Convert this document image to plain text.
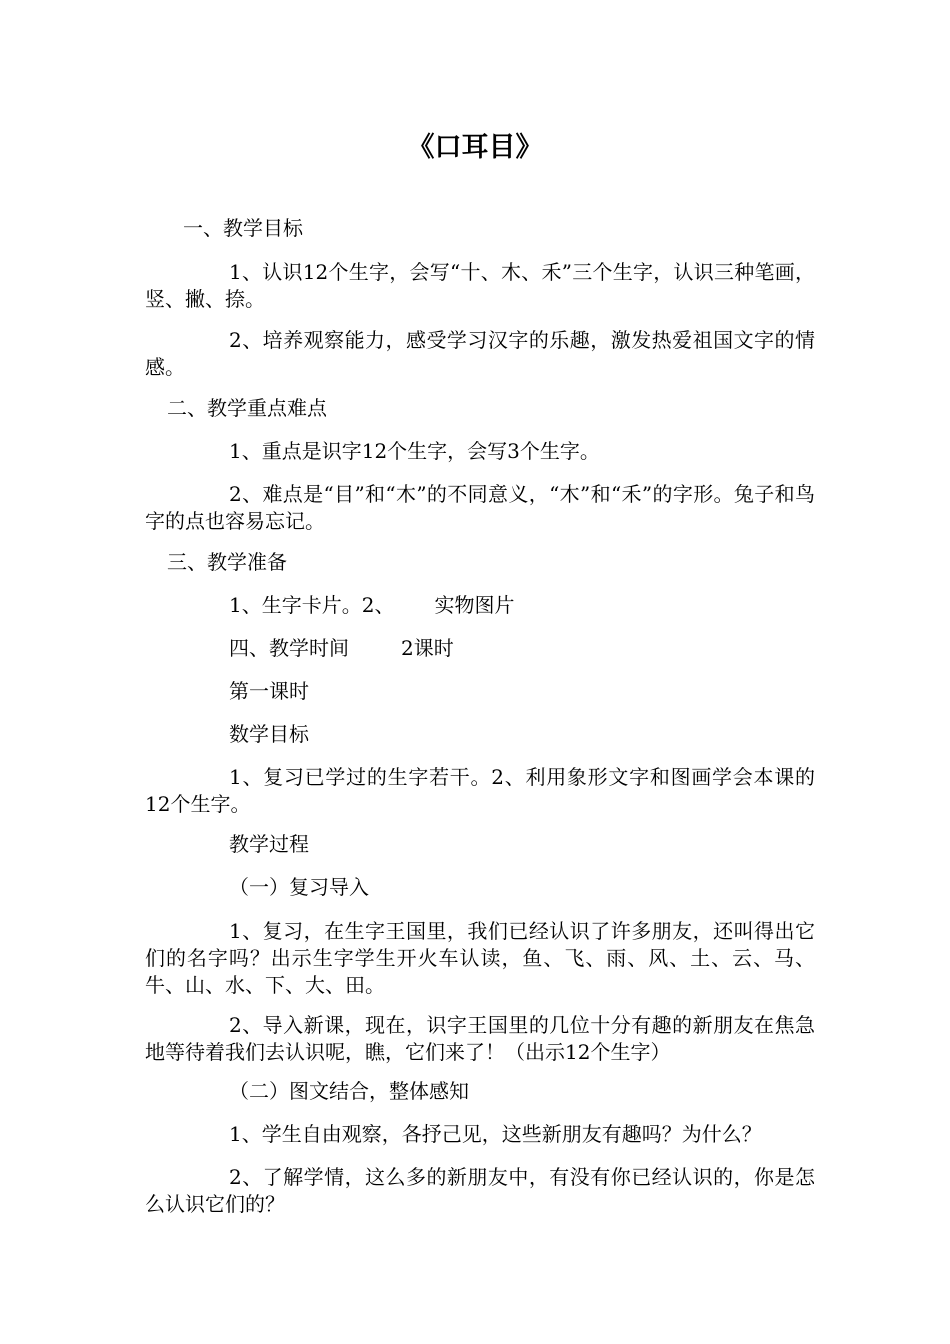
《口耳目》
一、教学目标
1、认识12个生字，会写“十、木、禾”三个生字，认识三种笔画，竖、撇、捺。
2、培养观察能力，感受学习汉字的乐趣，激发热爱祖国文字的情感。
二、教学重点难点
1、重点是识字12个生字，会写3个生字。
2、难点是“目”和“木”的不同意义，“木”和“禾”的字形。兔子和鸟字的点也容易忘记。
三、教学准备
1、生字卡片。2、 实物图片
四、教学时间	2课时
第一课时
数学目标
1、复习已学过的生字若干。2、利用象形文字和图画学会本课的12个生字。
教学过程
（一）复习导入
1、复习，在生字王国里，我们已经认识了许多朋友，还叫得出它们的名字吗？出示生字学生开火车认读，鱼、飞、雨、风、土、云、马、牛、山、水、下、大、田。
2、导入新课，现在，识字王国里的几位十分有趣的新朋友在焦急地等待着我们去认识呢，瞧，它们来了！（出示12个生字）
（二）图文结合，整体感知
1、学生自由观察，各抒己见，这些新朋友有趣吗？为什么？
2、了解学情，这么多的新朋友中，有没有你已经认识的，你是怎么认识它们的？
